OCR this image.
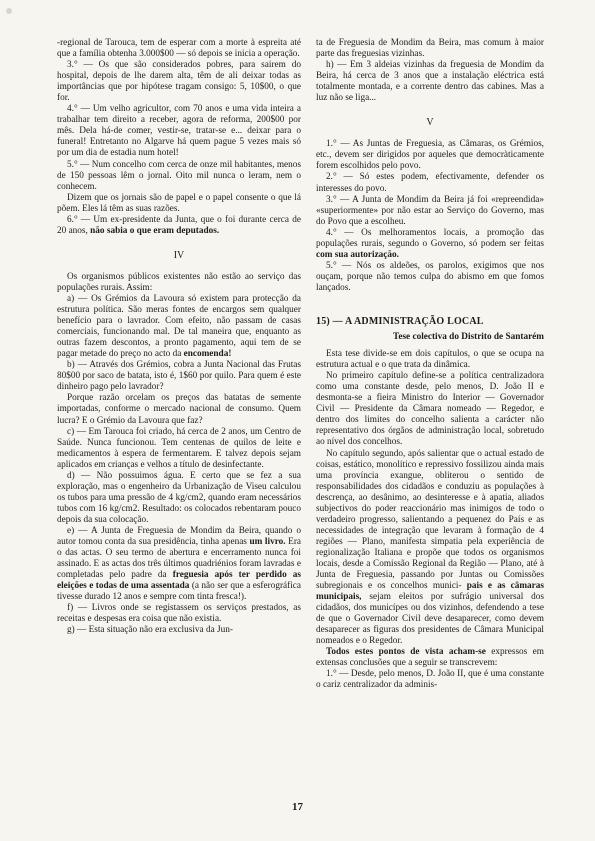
-regional de Tarouca, tem de esperar com a morte à espreita até que a família obtenha 3.000$00 — só depois se inicia a operação.

3.° — Os que são considerados pobres, para sairem do hospital, depois de lhe darem alta, têm de ali deixar todas as importâncias que por hipótese tragam consigo: 5, 10$00, o que for.

4.° — Um velho agricultor, com 70 anos e uma vida inteira a trabalhar tem direito a receber, agora de reforma, 200$00 por mês. Dela há-de comer, vestir-se, tratar-se e... deixar para o funeral! Entretanto no Algarve há quem pague 5 vezes mais só por um dia de estadia num hotel!

5.° — Num concelho com cerca de onze mil habitantes, menos de 150 pessoas lêm o jornal. Oito mil nunca o leram, nem o conhecem.

Dizem que os jornais são de papel e o papel consente o que lá põem. Eles lá têm as suas razões.

6.° — Um ex-presidente da Junta, que o foi durante cerca de 20 anos, não sabia o que eram deputados.

IV

Os organismos públicos existentes não estão ao serviço das populações rurais. Assim:

a) — Os Grémios da Lavoura só existem para protecção da estrutura política. São meras fontes de encargos sem qualquer benefício para o lavrador. Com efeito, não passam de casas comerciais, funcionando mal. De tal maneira que, enquanto as outras fazem descontos, a pronto pagamento, aqui tem de se pagar metade do preço no acto da encomenda!

b) — Através dos Grémios, cobra a Junta Nacional das Frutas 80$00 por saco de batata, isto é, 1$60 por quilo. Para quem é este dinheiro pago pelo lavrador?

Porque razão orcelam os preços das batatas de semente importadas, conforme o mercado nacional de consumo. Quem lucra? E o Grémio da Lavoura que faz?

c) — Em Tarouca foi criado, há cerca de 2 anos, um Centro de Saúde. Nunca funcionou. Tem centenas de quilos de leite e medicamentos à espera de fermentarem. E talvez depois sejam aplicados em crianças e velhos a título de desinfectante.

d) — Não possuimos água. E certo que se fez a sua exploração, mas o engenheiro da Urbanização de Viseu calculou os tubos para uma pressão de 4 kg/cm2, quando eram necessários tubos com 16 kg/cm2. Resultado: os colocados rebentaram pouco depois da sua colocação.

e) — A Junta de Freguesia de Mondim da Beira, quando o autor tomou conta da sua presidência, tinha apenas um livro. Era o das actas. O seu termo de abertura e encerramento nunca foi assinado. E as actas dos três últimos quadriénios foram lavradas e completadas pelo padre da freguesia após ter perdido as eleições e todas de uma assentada (a não ser que a esferográfica tivesse durado 12 anos e sempre com tinta fresca!).

f) — Livros onde se registassem os serviços prestados, as receitas e despesas era coisa que não existia.

g) — Esta situação não era exclusiva da Jun-

ta de Freguesia de Mondim da Beira, mas comum à maior parte das freguesias vizinhas.

h) — Em 3 aldeias vizinhas da freguesia de Mondim da Beira, há cerca de 3 anos que a instalação eléctrica está totalmente montada, e a corrente dentro das cabines. Mas a luz não se liga...

V

1.° — As Juntas de Freguesia, as Câmaras, os Grémios, etc., devem ser dirigidos por aqueles que democràticamente forem escolhidos pelo povo.

2.° — Só estes podem, efectivamente, defender os interesses do povo.

3.° — A Junta de Mondim da Beira já foi «repreendida» «superiormente» por não estar ao Serviço do Governo, mas do Povo que a escolheu.

4.° — Os melhoramentos locais, a promoção das populações rurais, segundo o Governo, só podem ser feitas com sua autorização.

5.° — Nós os aldeões, os parolos, exigimos que nos ouçam, porque não temos culpa do abismo em que fomos lançados.

15) — A ADMINISTRAÇÃO LOCAL

Tese colectiva do Distrito de Santarém

Esta tese divide-se em dois capítulos, o que se ocupa na estrutura actual e o que trata da dinâmica.

No primeiro capítulo define-se a política centralizadora como uma constante desde, pelo menos, D. João II e desmonta-se a fieira Ministro do Interior — Governador Civil — Presidente da Câmara nomeado — Regedor, e dentro dos limites do concelho salienta a carácter não representativo dos órgãos de administração local, sobretudo ao nível dos concelhos.

No capítulo segundo, após salientar que o actual estado de coisas, estático, monolítico e repressivo fossilizou ainda mais uma província exangue, obliterou o sentido de responsabilidades dos cidadãos e conduziu as populações à descrença, ao desânimo, ao desinteresse e à apatia, aliados subjectivos do poder reaccionário mas inimigos de todo o verdadeiro progresso, salientando a pequenez do País e as necessidades de integração que levaram à formação de 4 regiões — Plano, manifesta simpatia pela experiência de regionalização Italiana e propõe que todos os organismos locais, desde a Comissão Regional da Região — Plano, até à Junta de Freguesia, passando por Juntas ou Comissões subregionais e os concelhos munici- pais e as câmaras municipais, sejam eleitos por sufrágio universal dos cidadãos, dos municípes ou dos vizinhos, defendendo a tese de que o Governador Civil deve desaparecer, como devem desaparecer as figuras dos presidentes de Câmara Municipal nomeados e o Regedor.

Todos estes pontos de vista acham-se expressos em extensas conclusões que a seguir se transcrevem:

1.° — Desde, pelo menos, D. João II, que é uma constante o cariz centralizador da adminis-

17
